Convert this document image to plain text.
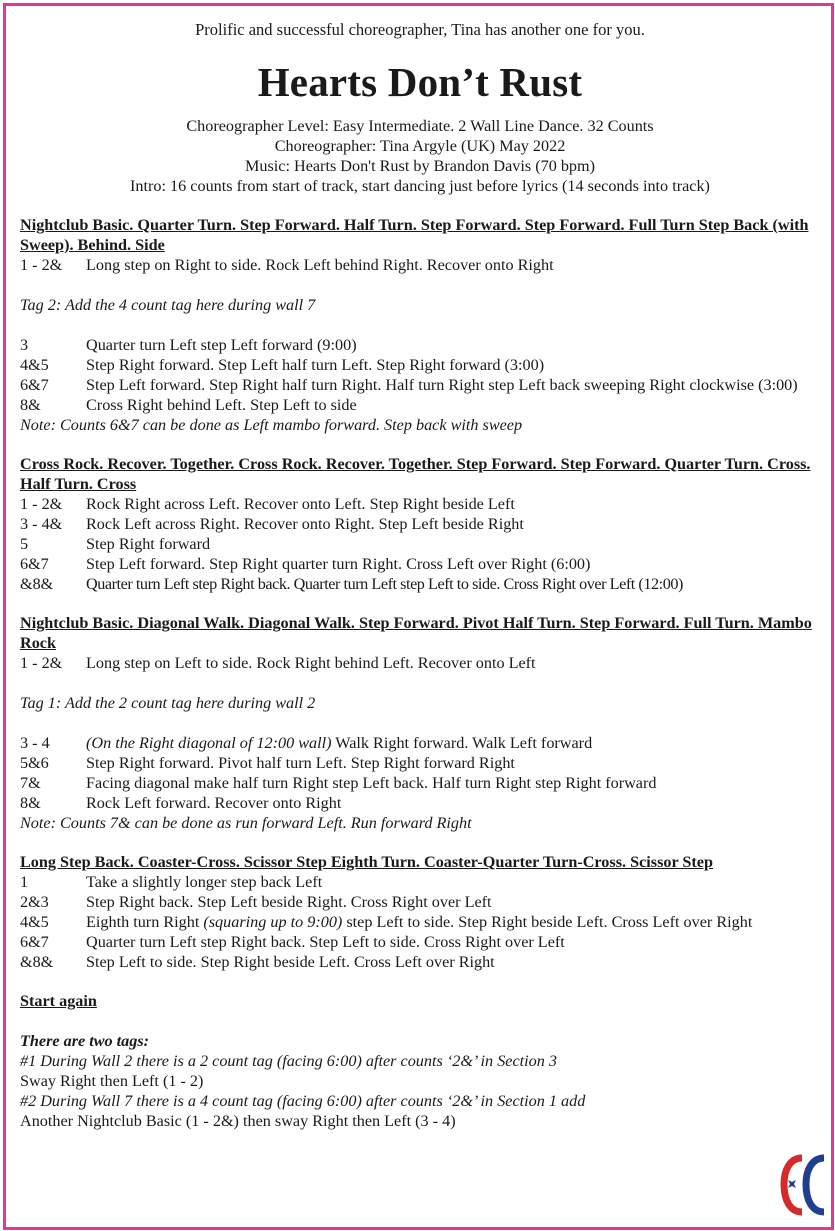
Prolific and successful choreographer, Tina has another one for you.
Hearts Don’t Rust
Choreographer Level: Easy Intermediate. 2 Wall Line Dance. 32 Counts
Choreographer: Tina Argyle (UK) May 2022
Music: Hearts Don't Rust by Brandon Davis (70 bpm)
Intro: 16 counts from start of track, start dancing just before lyrics (14 seconds into track)
Nightclub Basic. Quarter Turn. Step Forward. Half Turn. Step Forward. Step Forward. Full Turn Step Back (with Sweep). Behind. Side
1 - 2&	Long step on Right to side. Rock Left behind Right. Recover onto Right
Tag 2: Add the 4 count tag here during wall 7
3	Quarter turn Left step Left forward (9:00)
4&5	Step Right forward. Step Left half turn Left. Step Right forward (3:00)
6&7	Step Left forward. Step Right half turn Right. Half turn Right step Left back sweeping Right clockwise (3:00)
8&	Cross Right behind Left. Step Left to side
Note: Counts 6&7 can be done as Left mambo forward. Step back with sweep
Cross Rock. Recover. Together. Cross Rock. Recover. Together. Step Forward. Step Forward. Quarter Turn. Cross. Half Turn. Cross
1 - 2&	Rock Right across Left. Recover onto Left. Step Right beside Left
3 - 4&	Rock Left across Right. Recover onto Right. Step Left beside Right
5	Step Right forward
6&7	Step Left forward. Step Right quarter turn Right. Cross Left over Right (6:00)
&8&	Quarter turn Left step Right back. Quarter turn Left step Left to side. Cross Right over Left (12:00)
Nightclub Basic. Diagonal Walk. Diagonal Walk. Step Forward. Pivot Half Turn. Step Forward. Full Turn. Mambo Rock
1 - 2&	Long step on Left to side. Rock Right behind Left. Recover onto Left
Tag 1: Add the 2 count tag here during wall 2
3 - 4	(On the Right diagonal of 12:00 wall) Walk Right forward. Walk Left forward
5&6	Step Right forward. Pivot half turn Left. Step Right forward Right
7&	Facing diagonal make half turn Right step Left back. Half turn Right step Right forward
8&	Rock Left forward. Recover onto Right
Note: Counts 7& can be done as run forward Left. Run forward Right
Long Step Back. Coaster-Cross. Scissor Step Eighth Turn. Coaster-Quarter Turn-Cross. Scissor Step
1	Take a slightly longer step back Left
2&3	Step Right back. Step Left beside Right. Cross Right over Left
4&5	Eighth turn Right (squaring up to 9:00) step Left to side. Step Right beside Left. Cross Left over Right
6&7	Quarter turn Left step Right back. Step Left to side. Cross Right over Left
&8&	Step Left to side. Step Right beside Left. Cross Left over Right
Start again
There are two tags:
#1 During Wall 2 there is a 2 count tag (facing 6:00) after counts ‘2&’ in Section 3
Sway Right then Left (1 - 2)
#2 During Wall 7 there is a 4 count tag (facing 6:00) after counts ‘2&’ in Section 1 add
Another Nightclub Basic (1 - 2&) then sway Right then Left (3 - 4)
